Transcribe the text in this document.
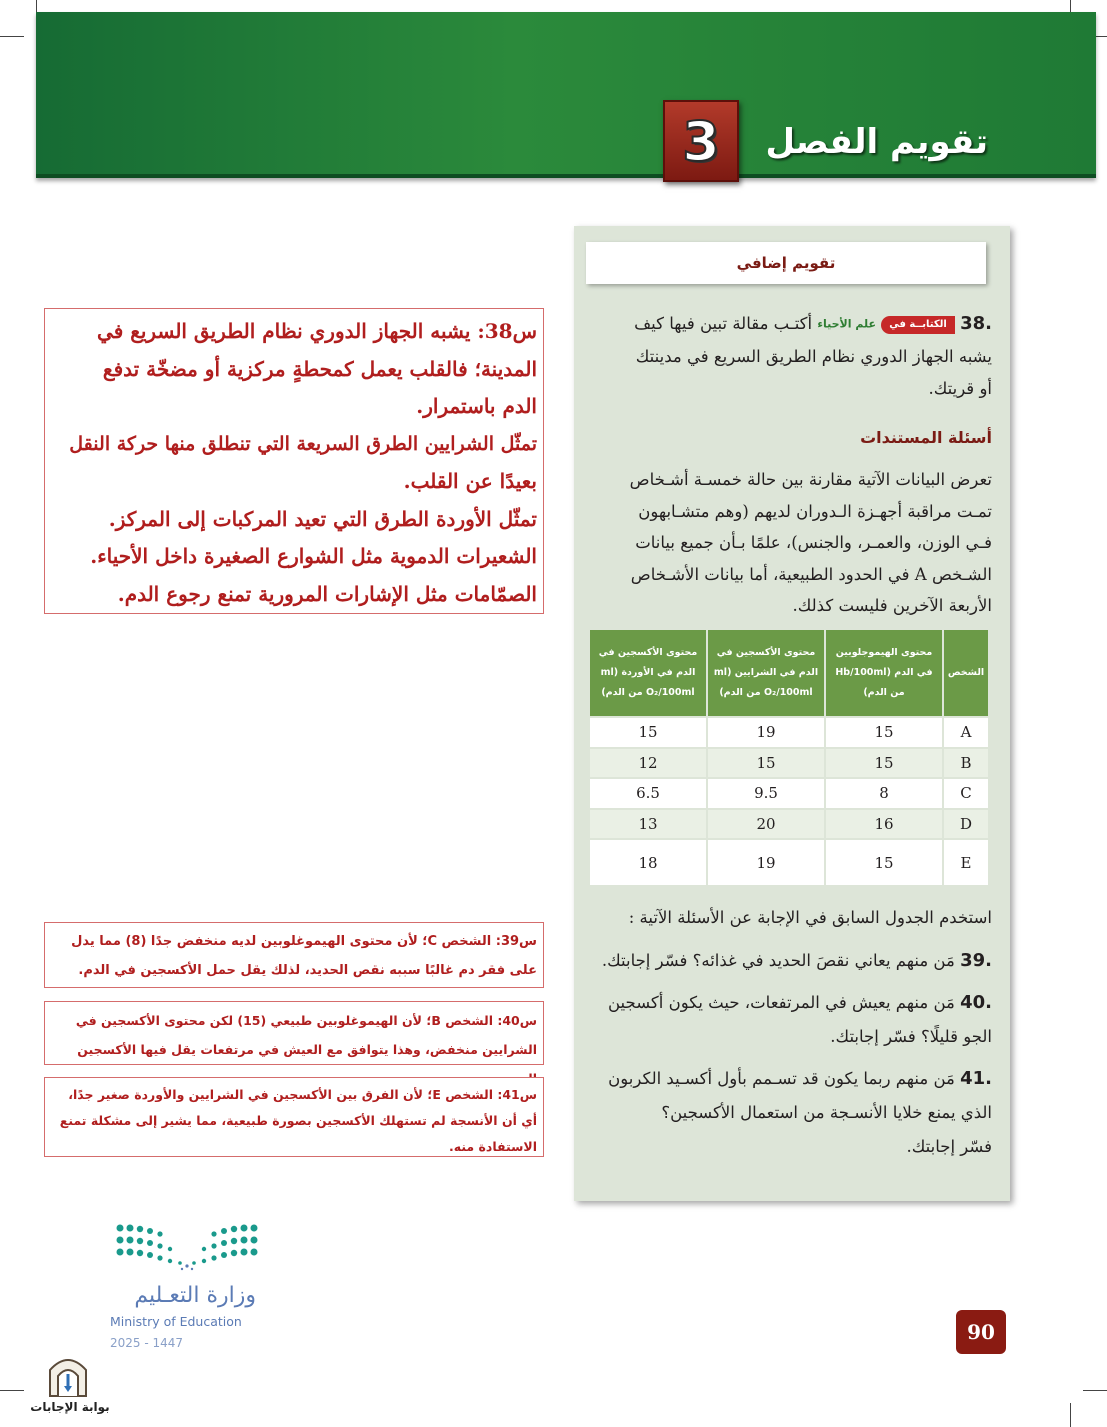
تقويم الفصل
3
تقويم إضافي
.38 الكتابــة في علم الأحياء أكتـب مقالة تبين فيها كيف
يشبه الجهاز الدوري نظام الطريق السريع في مدينتك
أو قريتك.
أسئلة المستندات
تعرض البيانات الآتية مقارنة بين حالة خمسـة أشـخاص
تمـت مراقبة أجهـزة الـدوران لديهم (وهم متشـابهون
فـي الوزن، والعمـر، والجنس)، علمًا بـأن جميع بيانات
الشـخص A في الحدود الطبيعية، أما بيانات الأشـخاص
الأربعة الآخرين فليست كذلك.
الشخص	محتوى الهيموجلوبين في الدم (Hb/100ml من الدم)	محتوى الأكسجين في الدم في الشرايين (ml O₂/100ml من الدم)	محتوى الأكسجين في الدم في الأوردة (ml O₂/100ml من الدم)
A	15	19	15
B	15	15	12
C	8	9.5	6.5
D	16	20	13
E	15	19	18
استخدم الجدول السابق في الإجابة عن الأسئلة الآتية :
.39 مَن منهم يعاني نقصَ الحديد في غذائه؟ فسّر إجابتك.
.40 مَن منهم يعيش في المرتفعات، حيث يكون أكسجين
الجو قليلًا؟ فسّر إجابتك.
.41 مَن منهم ربما يكون قد تسـمم بأول أكسـيد الكربون
الذي يمنع خلايا الأنسـجة من استعمال الأكسجين؟
فسّر إجابتك.
س38: يشبه الجهاز الدوري نظام الطريق السريع في
المدينة؛ فالقلب يعمل كمحطةٍ مركزية أو مضخّة تدفع
الدم باستمرار.
تمثّل الشرايين الطرق السريعة التي تنطلق منها حركة النقل
بعيدًا عن القلب.
تمثّل الأوردة الطرق التي تعيد المركبات إلى المركز.
الشعيرات الدموية مثل الشوارع الصغيرة داخل الأحياء.
الصمّامات مثل الإشارات المرورية تمنع رجوع الدم.
س39: الشخص C؛ لأن محتوى الهيموغلوبين لديه منخفض جدًا (8) مما يدل
على فقر دم غالبًا سببه نقص الحديد، لذلك يقل حمل الأكسجين في الدم.
س40: الشخص B؛ لأن الهيموغلوبين طبيعي (15) لكن محتوى الأكسجين في
الشرايين منخفض، وهذا يتوافق مع العيش في مرتفعات يقل فيها الأكسجين
س41: الشخص E؛ لأن الفرق بين الأكسجين في الشرايين والأوردة صغير جدًا،
أي أن الأنسجة لم تستهلك الأكسجين بصورة طبيعية، مما يشير إلى مشكلة تمنع
الاستفادة منه.
وزارة التعـليم
Ministry of Education
2025 - 1447	90
بوابة الإجابات
